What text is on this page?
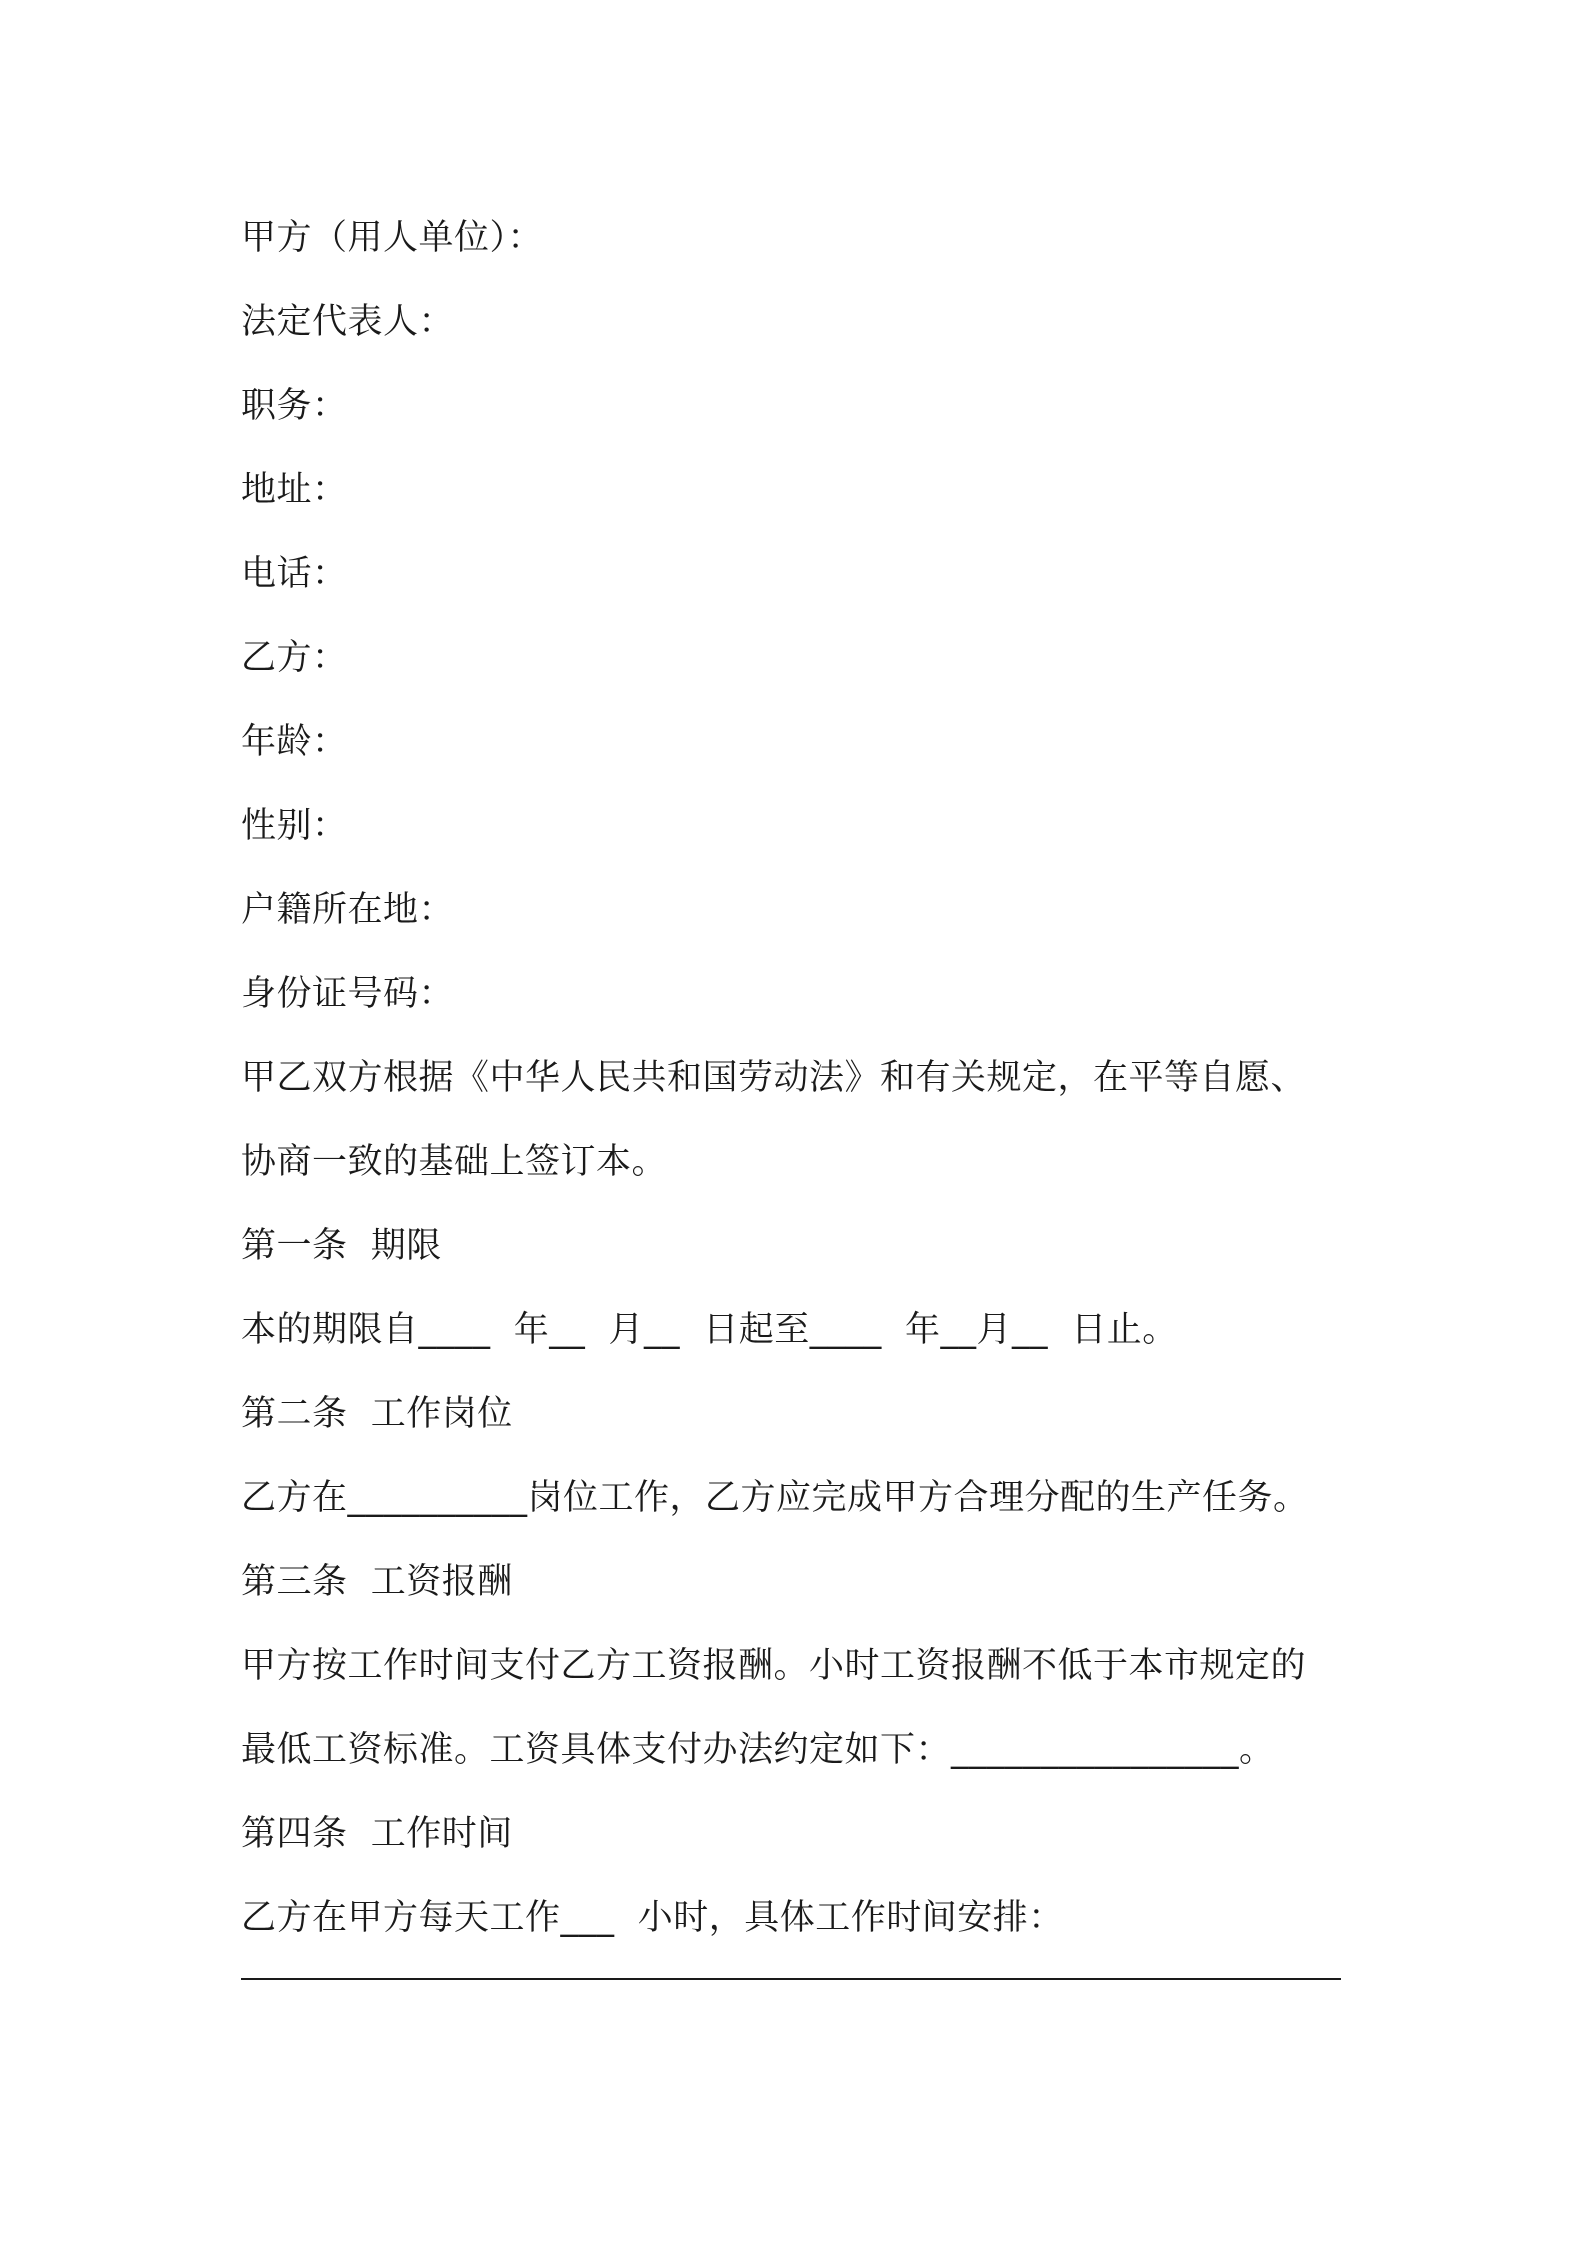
甲方（用人单位）：
法定代表人：
职务：
地址：
电话：
乙方：
年龄：
性别：
户籍所在地：
身份证号码：
甲乙双方根据《中华人民共和国劳动法》和有关规定，在平等自愿、
协商一致的基础上签订本。
第一条  期限
本的期限自____  年__  月__  日起至____  年__月__  日止。
第二条  工作岗位
乙方在__________岗位工作，乙方应完成甲方合理分配的生产任务。
第三条  工资报酬
甲方按工作时间支付乙方工资报酬。小时工资报酬不低于本市规定的
最低工资标准。工资具体支付办法约定如下：________________。
第四条  工作时间
乙方在甲方每天工作___  小时，具体工作时间安排：
